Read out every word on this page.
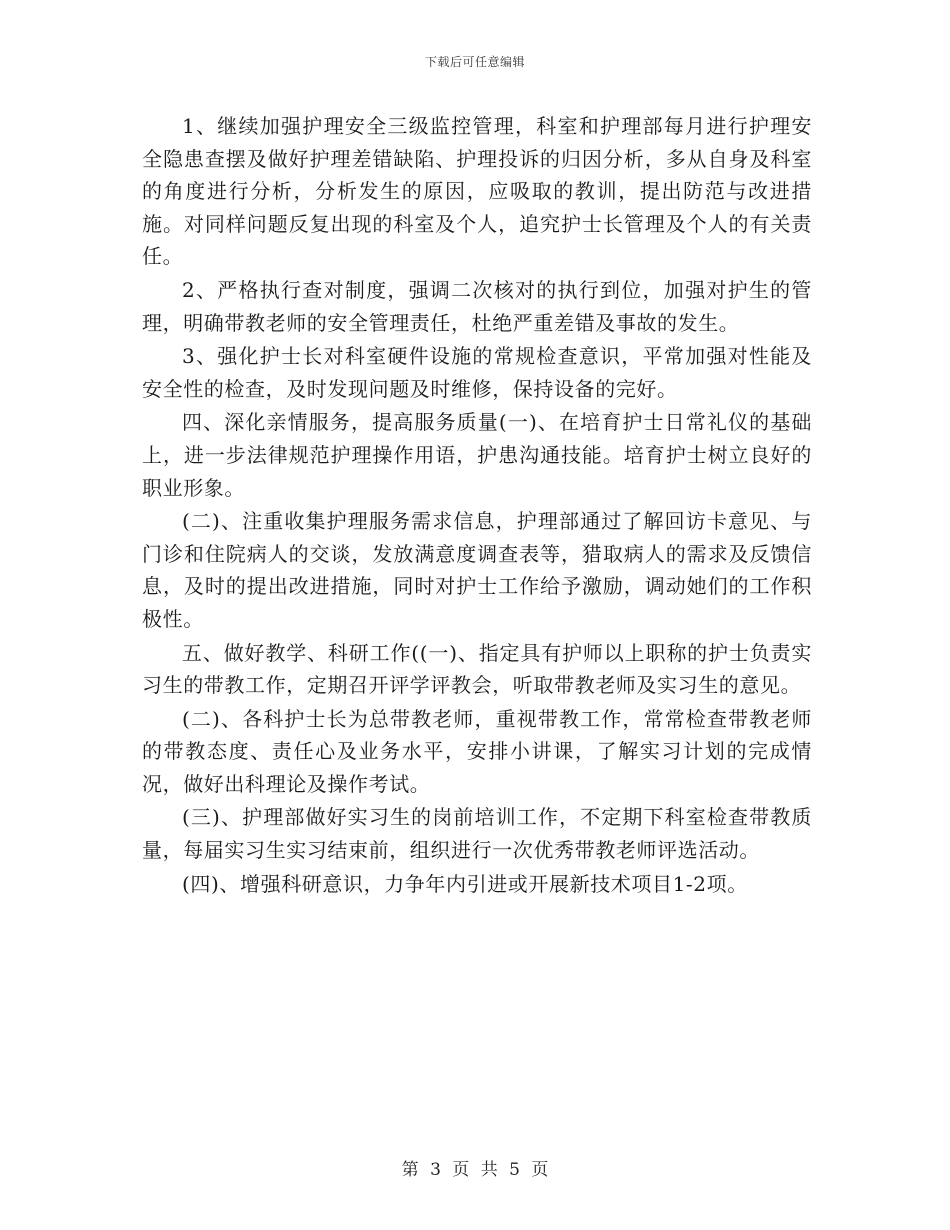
下载后可任意编辑

1、继续加强护理安全三级监控管理，科室和护理部每月进行护理安全隐患查摆及做好护理差错缺陷、护理投诉的归因分析，多从自身及科室的角度进行分析，分析发生的原因，应吸取的教训，提出防范与改进措施。对同样问题反复出现的科室及个人，追究护士长管理及个人的有关责任。

2、严格执行查对制度，强调二次核对的执行到位，加强对护生的管理，明确带教老师的安全管理责任，杜绝严重差错及事故的发生。

3、强化护士长对科室硬件设施的常规检查意识，平常加强对性能及安全性的检查，及时发现问题及时维修，保持设备的完好。

四、深化亲情服务，提高服务质量(一)、在培育护士日常礼仪的基础上，进一步法律规范护理操作用语，护患沟通技能。培育护士树立良好的职业形象。

(二)、注重收集护理服务需求信息，护理部通过了解回访卡意见、与门诊和住院病人的交谈，发放满意度调查表等，猎取病人的需求及反馈信息，及时的提出改进措施，同时对护士工作给予激励，调动她们的工作积极性。

五、做好教学、科研工作((一)、指定具有护师以上职称的护士负责实习生的带教工作，定期召开评学评教会，听取带教老师及实习生的意见。

(二)、各科护士长为总带教老师，重视带教工作，常常检查带教老师的带教态度、责任心及业务水平，安排小讲课，了解实习计划的完成情况，做好出科理论及操作考试。

(三)、护理部做好实习生的岗前培训工作，不定期下科室检查带教质量，每届实习生实习结束前，组织进行一次优秀带教老师评选活动。

(四)、增强科研意识，力争年内引进或开展新技术项目1-2项。

第 3 页 共 5 页
